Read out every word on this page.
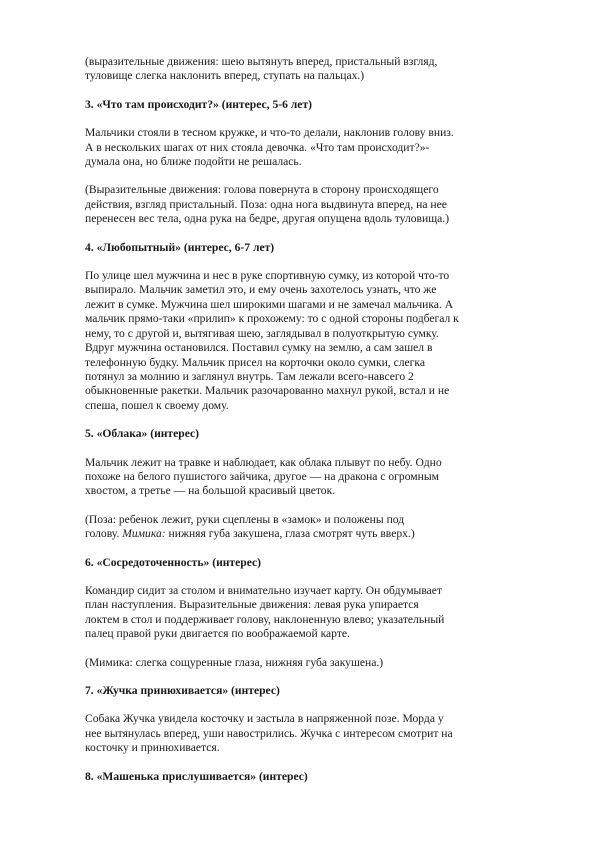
(выразительные движения: шею вытянуть вперед, пристальный взгляд,
туловище слегка наклонить вперед, ступать на пальцах.)

3. «Что там происходит?» (интерес, 5-6 лет)

Мальчики стояли в тесном кружке, и что-то делали, наклонив голову вниз.
А в нескольких шагах от них стояла девочка. «Что там происходит?»-
думала она, но ближе подойти не решалась.

(Выразительные движения: голова повернута в сторону происходящего
действия, взгляд пристальный. Поза: одна нога выдвинута вперед, на нее
перенесен вес тела, одна рука на бедре, другая опущена вдоль туловища.)

4. «Любопытный» (интерес, 6-7 лет)

По улице шел мужчина и нес в руке спортивную сумку, из которой что-то
выпирало. Мальчик заметил это, и ему очень захотелось узнать, что же
лежит в сумке. Мужчина шел широкими шагами и не замечал мальчика. А
мальчик прямо-таки «прилип» к прохожему: то с одной стороны подбегал к
нему, то с другой и, вытягивая шею, заглядывал в полуоткрытую сумку.
Вдруг мужчина остановился. Поставил сумку на землю, а сам зашел в
телефонную будку. Мальчик присел на корточки около сумки, слегка
потянул за молнию и заглянул внутрь. Там лежали всего-навсего 2
обыкновенные ракетки. Мальчик разочарованно махнул рукой, встал и не
спеша, пошел к своему дому.

5. «Облака» (интерес)

Мальчик лежит на травке и наблюдает, как облака плывут по небу. Одно
похоже на белого пушистого зайчика, другое — на дракона с огромным
хвостом, а третье — на большой красивый цветок.

(Поза: ребенок лежит, руки сцеплены в «замок» и положены под
голову. Мимика: нижняя губа закушена, глаза смотрят чуть вверх.)

6. «Сосредоточенность» (интерес)

Командир сидит за столом и внимательно изучает карту. Он обдумывает
план наступления. Выразительные движения: левая рука упирается
локтем в стол и поддерживает голову, наклоненную влево; указательный
палец правой руки двигается по воображаемой карте.

(Мимика: слегка сощуренные глаза, нижняя губа закушена.)

7. «Жучка принюхивается» (интерес)

Собака Жучка увидела косточку и застыла в напряженной позе. Морда у
нее вытянулась вперед, уши навострились. Жучка с интересом смотрит на
косточку и принюхивается.

8. «Машенька прислушивается» (интерес)
